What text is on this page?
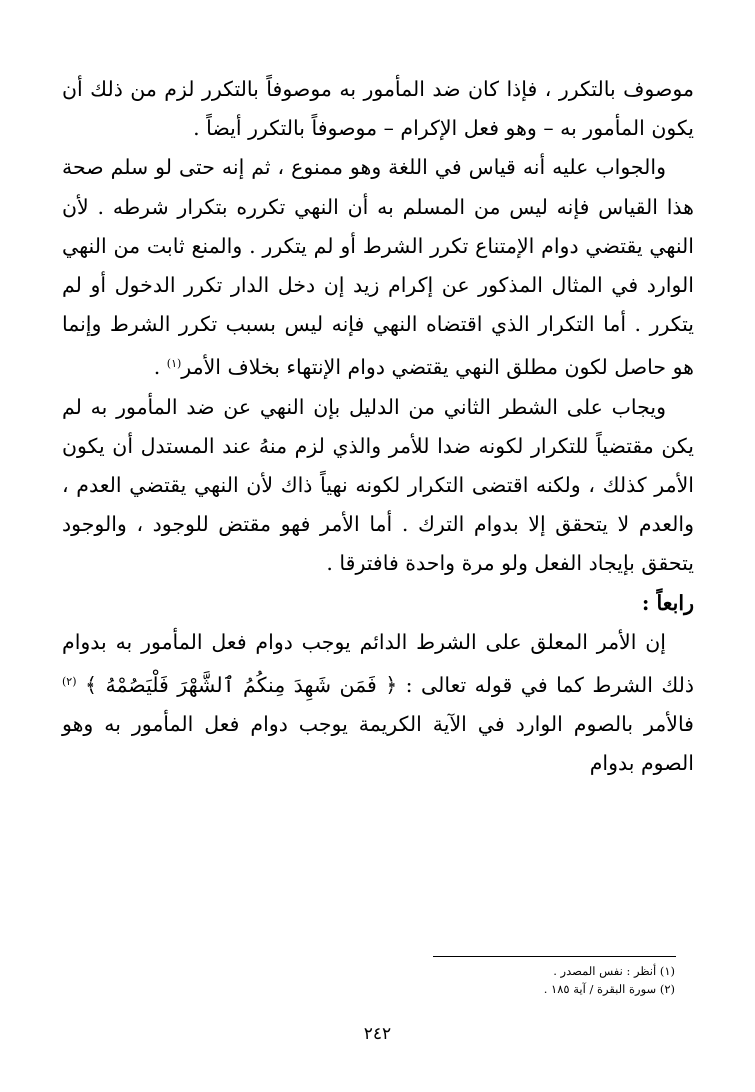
موصوف بالتكرر ، فإذا كان ضد المأمور به موصوفاً بالتكرر لزم من ذلك أن يكون المأمور به – وهو فعل الإكرام – موصوفاً بالتكرر أيضاً .

والجواب عليه أنه قياس في اللغة وهو ممنوع ، ثم إنه حتى لو سلم صحة هذا القياس فإنه ليس من المسلم به أن النهي تكرره بتكرار شرطه . لأن النهي يقتضي دوام الإمتناع تكرر الشرط أو لم يتكرر . والمنع ثابت من النهي الوارد في المثال المذكور عن إكرام زيد إن دخل الدار تكرر الدخول أو لم يتكرر . أما التكرار الذي اقتضاه النهي فإنه ليس بسبب تكرر الشرط وإنما هو حاصل لكون مطلق النهي يقتضي دوام الإنتهاء بخلاف الأمر$^{(١)}$ .

ويجاب على الشطر الثاني من الدليل بإن النهي عن ضد المأمور به لم يكن مقتضياً للتكرار لكونه ضدا للأمر والذي لزم منهُ عند المستدل أن يكون الأمر كذلك ، ولكنه اقتضى التكرار لكونه نهياً ذاك لأن النهي يقتضي العدم ، والعدم لا يتحقق إلا بدوام الترك . أما الأمر فهو مقتض للوجود ، والوجود يتحقق بإيجاد الفعل ولو مرة واحدة فافترقا .

رابعاً :

إن الأمر المعلق على الشرط الدائم يوجب دوام فعل المأمور به بدوام ذلك الشرط كما في قوله تعالى : ﴿ فَمَن شَهِدَ مِنكُمُ ٱلشَّهْرَ فَلْيَصُمْهُ ﴾ $^{(٢)}$ فالأمر بالصوم الوارد في الآية الكريمة يوجب دوام فعل المأمور به وهو الصوم بدوام

(١) أنظر : نفس المصدر .

(٢) سورة البقرة / آية ١٨٥ .

٢٤٢
